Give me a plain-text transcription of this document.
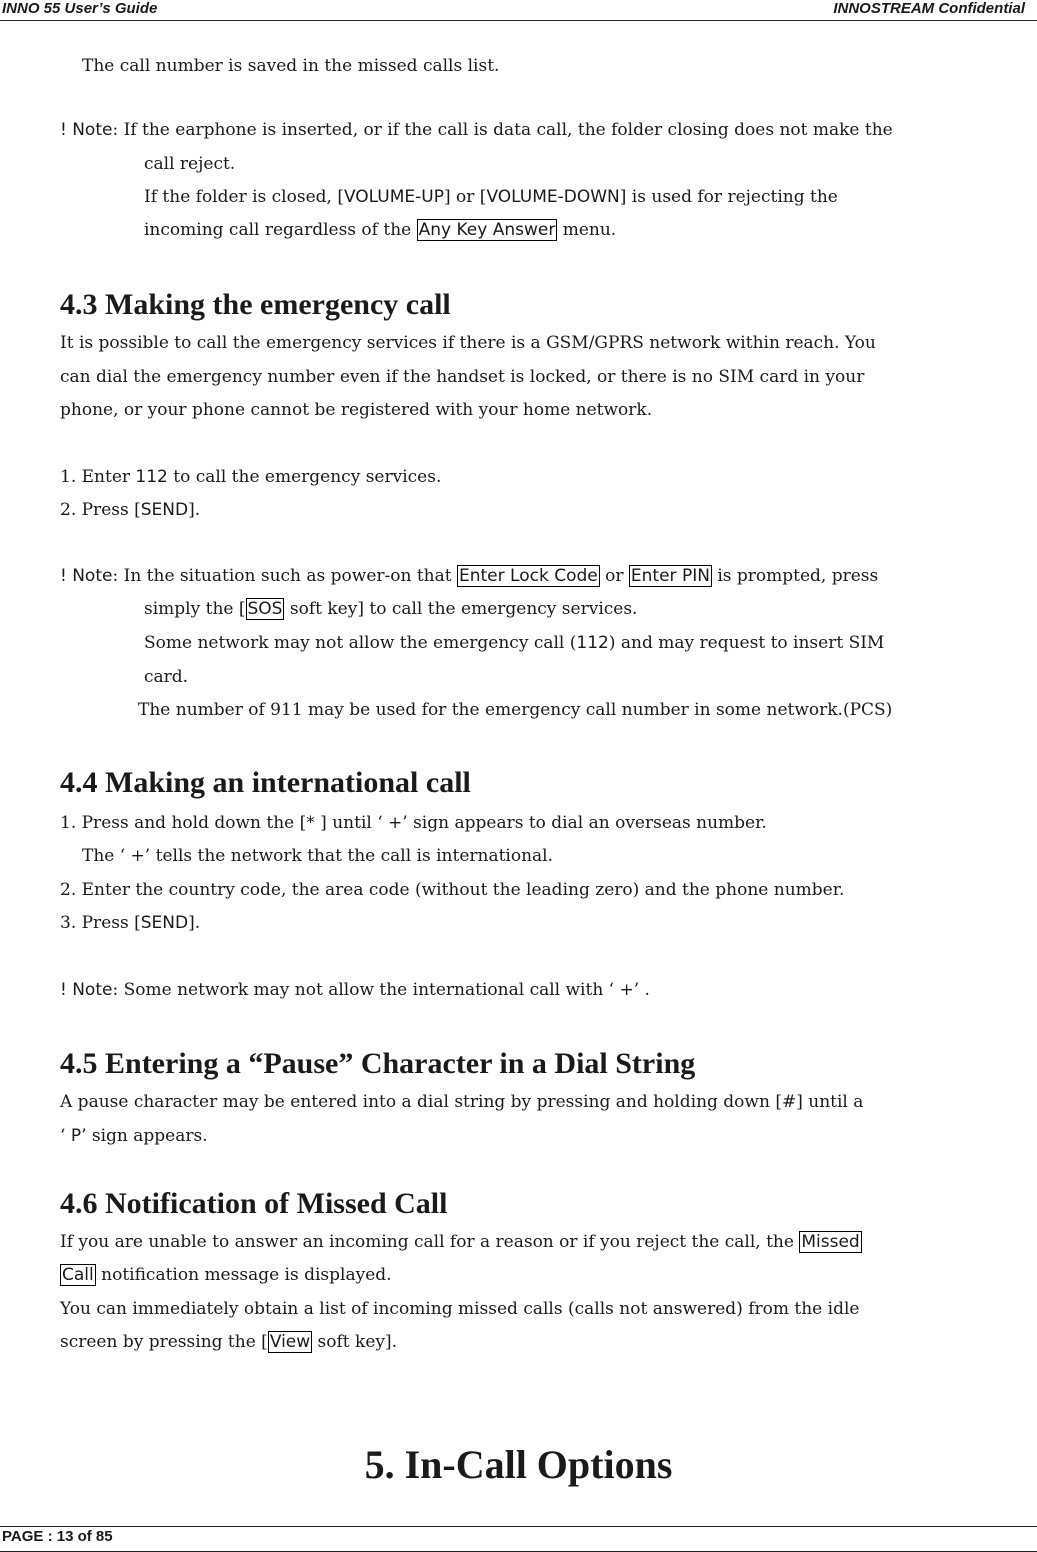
INNO 55 User’s Guide	INNOSTREAM Confidential
The call number is saved in the missed calls list.
! Note: If the earphone is inserted, or if the call is data call, the folder closing does not make the
call reject.
If the folder is closed, [VOLUME-UP] or [VOLUME-DOWN] is used for rejecting the
incoming call regardless of the Any Key Answer menu.
4.3 Making the emergency call
It is possible to call the emergency services if there is a GSM/GPRS network within reach. You
can dial the emergency number even if the handset is locked, or there is no SIM card in your
phone, or your phone cannot be registered with your home network.
1. Enter 112 to call the emergency services.
2. Press [SEND].
! Note: In the situation such as power-on that Enter Lock Code or Enter PIN is prompted, press
simply the [ SOS soft key] to call the emergency services.
Some network may not allow the emergency call (112) and may request to insert SIM
card.
The number of 911 may be used for the emergency call number in some network.(PCS)
4.4 Making an international call
1. Press and hold down the [* ] until ‘ +’ sign appears to dial an overseas number.
The ‘ +’ tells the network that the call is international.
2. Enter the country code, the area code (without the leading zero) and the phone number.
3. Press [SEND].
! Note: Some network may not allow the international call with ‘ +’ .
4.5 Entering a “Pause” Character in a Dial String
A pause character may be entered into a dial string by pressing and holding down [#] until a
‘ P’ sign appears.
4.6 Notification of Missed Call
If you are unable to answer an incoming call for a reason or if you reject the call, the Missed
Call notification message is displayed.
You can immediately obtain a list of incoming missed calls (calls not answered) from the idle
screen by pressing the [ View soft key].
5. In-Call Options
PAGE : 13 of 85
